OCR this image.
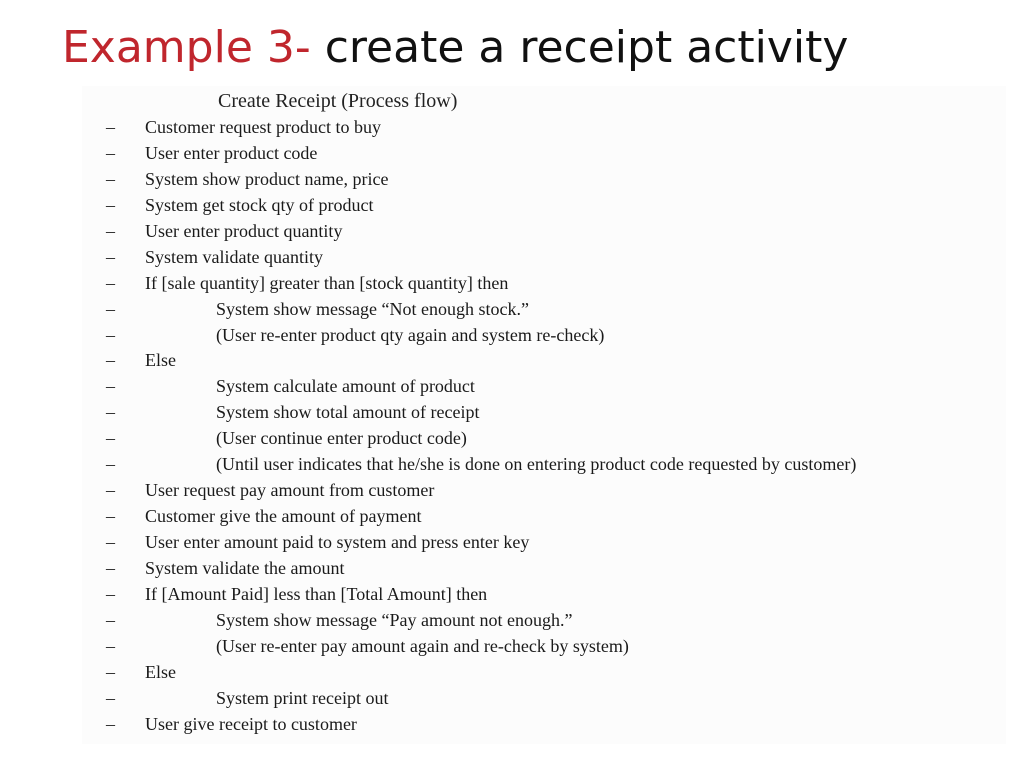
Example 3- create a receipt activity
Create Receipt (Process flow)
– Customer request product to buy
– User enter product code
– System show product name, price
– System get stock qty of product
– User enter product quantity
– System validate quantity
– If [sale quantity] greater than [stock quantity] then
–	System show message “Not enough stock.”
–	(User re-enter product qty again and system re-check)
– Else
–	System calculate amount of product
–	System show total amount of receipt
–	(User continue enter product code)
–	(Until user indicates that he/she is done on entering product code requested by customer)
– User request pay amount from customer
– Customer give the amount of payment
– User enter amount paid to system and press enter key
– System validate the amount
– If [Amount Paid] less than [Total Amount] then
–	System show message “Pay amount not enough.”
–	(User re-enter pay amount again and re-check by system)
– Else
–	System print receipt out
– User give receipt to customer
